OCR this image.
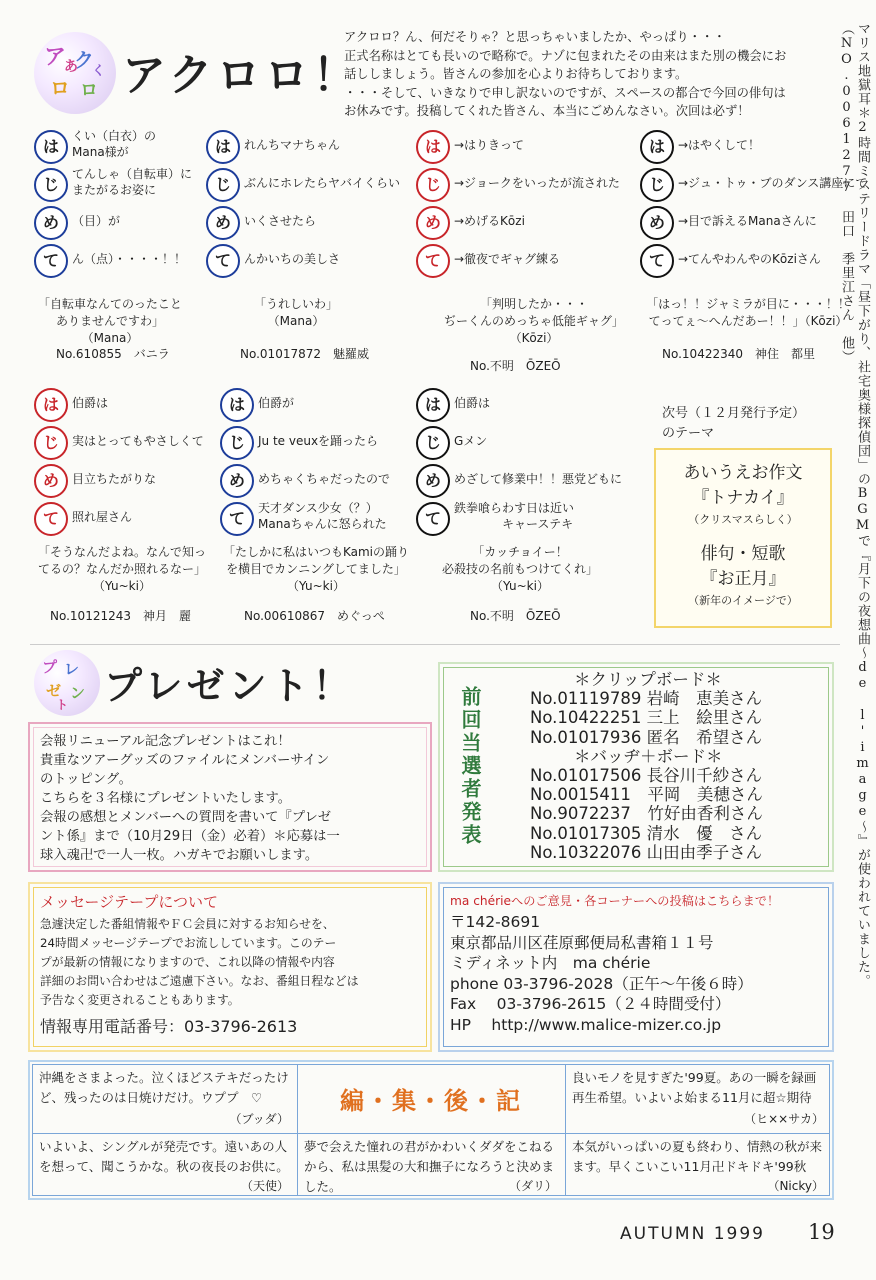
マリス地獄耳＊2時間ミステリードラマ「昼下がり、社宅奥様探偵団」のBGMで『月下の夜想曲～de l'image～』が使われていました。（NO.0061277　田口　季里江さん　他）
ア ク
ロ ロ
あ く アクロロ！
アクロロ？ん、何だそりゃ？と思っちゃいましたか、やっぱり・・・
正式名称はとても長いので略称で。ナゾに包まれたその由来はまた別の機会にお
話ししましょう。皆さんの参加を心よりお待ちしております。
・・・そして、いきなりで申し訳ないのですが、スペースの都合で今回の俳句は
お休みです。投稿してくれた皆さん、本当にごめんなさい。次回は必ず！
は
くい（白衣）の
Mana様が
じ
てんしゃ（自転車）に
またがるお姿に
め	（目）が
て	ん（点）・・・・！！
「自転車なんてのったこと
ありませんですわ」
（Mana）
No.610855　バニラ
は	れんちマナちゃん
じ	ぶんにホレたらヤバイくらい
め	いくさせたら
て	んかいちの美しさ
「うれしいわ」
（Mana）
No.01017872　魅羅威
は	→はりきって
じ	→ジョークをいったが流された
め	→めげるKōzi
て	→徹夜でギャグ練る
「判明したか・・・
ぢーくんのめっちゃ低能ギャグ」
（Kōzi）
No.不明　ŌZEŌ
は	→はやくして！
じ	→ジュ・トゥ・ブのダンス講座にて
め	→目で訴えるManaさんに
て	→てんやわんやのKōziさん
「はっ！！ジャミラが目に・・・！！
てってぇ～へんだあー！！」（Kōzi）
No.10422340　神住　都里
は	伯爵は
じ	実はとってもやさしくて
め	目立ちたがりな
て	照れ屋さん
「そうなんだよね。なんで知っ
てるの？なんだか照れるなー」
（Yu~ki）
No.10121243　神月　麗
は	伯爵が
じ	Ju te veuxを踊ったら
め	めちゃくちゃだったので
て
天才ダンス少女（？）
Manaちゃんに怒られた
「たしかに私はいつもKamiの踊り
を横目でカンニングしてました」
（Yu~ki）
No.00610867　めぐっぺ
は	伯爵は
じ	Gメン
め	めざして修業中！！悪党どもに
て
鉄拳喰らわす日は近い
　　　　キャーステキ
「カッチョイー！
必殺技の名前もつけてくれ」
（Yu~ki）
No.不明　ŌZEŌ
次号（１２月発行予定）
のテーマ
あいうえお作文
『トナカイ』
（クリスマスらしく）
俳句・短歌
『お正月』
（新年のイメージで）
プ レ
ゼ ン
ト プレゼント！
会報リニューアル記念プレゼントはこれ！
貴重なツアーグッズのファイルにメンバーサイン
のトッピング。
こちらを３名様にプレゼントいたします。
会報の感想とメンバーへの質問を書いて『プレゼ
ント係』まで（10月29日（金）必着）＊応募は一
球入魂卍で一人一枚。ハガキでお願いします。
前回当選者発表
＊クリップボード＊
No.01119789 岩崎　恵美さん
No.10422251 三上　絵里さん
No.01017936 匿名　希望さん
＊バッヂ＋ボード＊
No.01017506 長谷川千紗さん
No.0015411　平岡　美穂さん
No.9072237　竹好由香利さん
No.01017305 清水　優　さん
No.10322076 山田由季子さん
メッセージテープについて
急遽決定した番組情報やＦＣ会員に対するお知らせを、
24時間メッセージテープでお流ししています。このテー
プが最新の情報になりますので、これ以降の情報や内容
詳細のお問い合わせはご遠慮下さい。なお、番組日程などは
予告なく変更されることもあります。
情報専用電話番号：03-3796-2613
ma chérieへのご意見・各コーナーへの投稿はこちらまで！
〒142-8691
東京都品川区荏原郵便局私書箱１１号
ミディネット内　ma chérie
phone 03-3796-2028（正午～午後６時）
Fax　 03-3796-2615（２４時間受付）
HP　 http://www.malice-mizer.co.jp
沖縄をさまよった。泣くほどステキだったけど、残ったのは日焼けだけ。ウププ　♡
（ブッダ）
編・集・後・記
良いモノを見すぎた'99夏。あの一瞬を録画再生希望。いよいよ始まる11月に超☆期待
（ヒ××サカ）
いよいよ、シングルが発売です。遠いあの人を想って、聞こうかな。秋の夜長のお供に。
（天使）
夢で会えた憧れの君がかわいくダダをこねるから、私は黒髪の大和撫子になろうと決めました。	（ダリ）
本気がいっぱいの夏も終わり、情熱の秋が来ます。早くこいこい11月卍ドキドキ'99秋
（Nicky）
AUTUMN 1999 19
